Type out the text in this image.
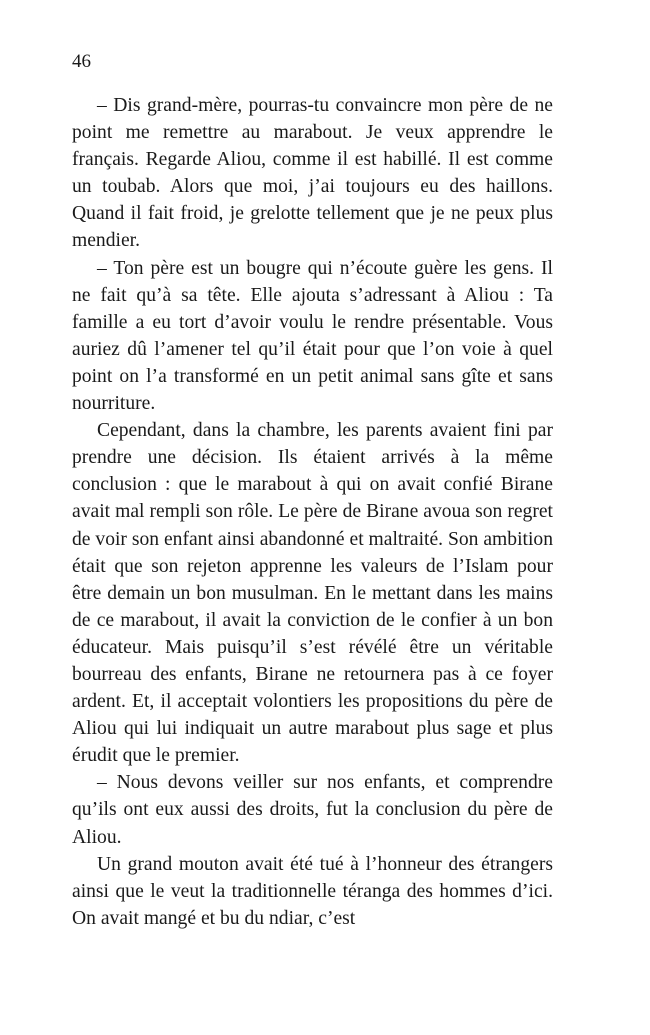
46

– Dis grand-mère, pourras-tu convaincre mon père de ne point me remettre au marabout. Je veux apprendre le français. Regarde Aliou, comme il est habillé. Il est comme un toubab. Alors que moi, j’ai toujours eu des haillons. Quand il fait froid, je grelotte tellement que je ne peux plus mendier.

– Ton père est un bougre qui n’écoute guère les gens. Il ne fait qu’à sa tête. Elle ajouta s’adressant à Aliou : Ta famille a eu tort d’avoir voulu le rendre présentable. Vous auriez dû l’amener tel qu’il était pour que l’on voie à quel point on l’a transformé en un petit animal sans gîte et sans nourriture.

Cependant, dans la chambre, les parents avaient fini par prendre une décision. Ils étaient arrivés à la même conclusion : que le marabout à qui on avait confié Birane avait mal rempli son rôle. Le père de Birane avoua son regret de voir son enfant ainsi abandonné et maltraité. Son ambition était que son rejeton apprenne les valeurs de l’Islam pour être demain un bon musulman. En le mettant dans les mains de ce marabout, il avait la conviction de le confier à un bon éducateur. Mais puisqu’il s’est révélé être un véritable bourreau des enfants, Birane ne retournera pas à ce foyer ardent. Et, il acceptait volontiers les propositions du père de Aliou qui lui indiquait un autre marabout plus sage et plus érudit que le premier.

– Nous devons veiller sur nos enfants, et comprendre qu’ils ont eux aussi des droits, fut la conclusion du père de Aliou.

Un grand mouton avait été tué à l’honneur des étrangers ainsi que le veut la traditionnelle téranga des hommes d’ici. On avait mangé et bu du ndiar, c’est
